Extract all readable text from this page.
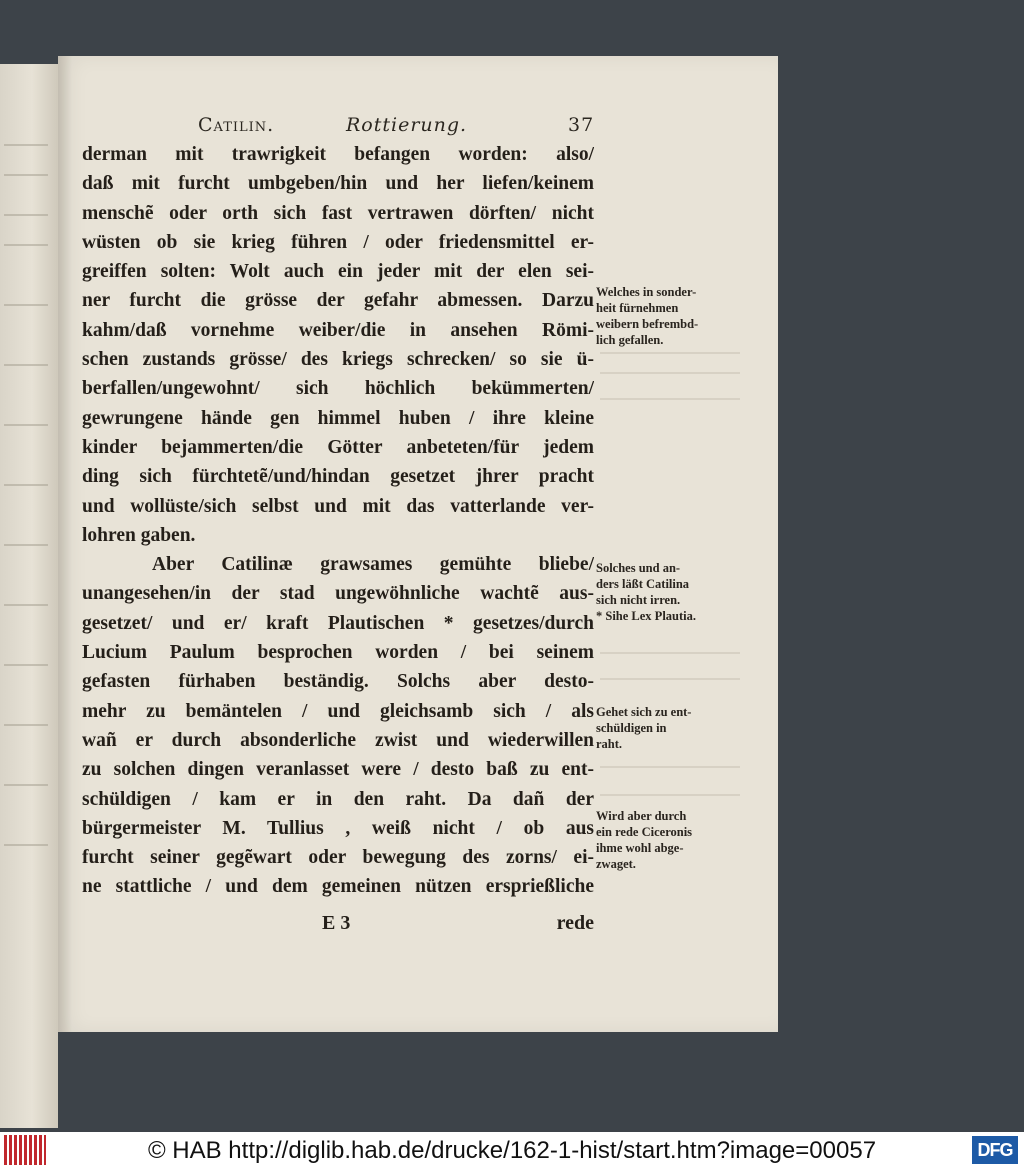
Catilin.	Rottierung.	37
derman mit trawrigkeit befangen worden: also/
daß mit furcht umbgeben/hin und her liefen/keinem
menschẽ oder orth sich fast vertrawen dörften/ nicht
wüsten ob sie krieg führen / oder friedensmittel er-
greiffen solten: Wolt auch ein jeder mit der elen sei-
ner furcht die grösse der gefahr abmessen. Darzu
kahm/daß vornehme weiber/die in ansehen Römi-
schen zustands grösse/ des kriegs schrecken/ so sie ü-
berfallen/ungewohnt/ sich höchlich bekümmerten/
gewrungene hände gen himmel huben / ihre kleine
kinder bejammerten/die Götter anbeteten/für jedem
ding sich fürchtetẽ/und/hindan gesetzet jhrer pracht
und wollüste/sich selbst und mit das vatterlande ver-
lohren gaben.
Aber Catilinæ grawsames gemühte bliebe/
unangesehen/in der stad ungewöhnliche wachtẽ aus-
gesetzet/ und er/ kraft Plautischen * gesetzes/durch
Lucium Paulum besprochen worden / bei seinem
gefasten fürhaben beständig. Solchs aber desto-
mehr zu bemäntelen / und gleichsamb sich / als
wañ er durch absonderliche zwist und wiederwillen
zu solchen dingen veranlasset were / desto baß zu ent-
schüldigen / kam er in den raht. Da dañ der
bürgermeister M. Tullius , weiß nicht / ob aus
furcht seiner gegẽwart oder bewegung des zorns/ ei-
ne stattliche / und dem gemeinen nützen ersprießliche
Welches in sonder-
heit fürnehmen
weibern befrembd-
lich gefallen.
Solches und an-
ders läßt Catilina
sich nicht irren.
* Sihe Lex Plautia.
Gehet sich zu ent-
schüldigen in
raht.
Wird aber durch
ein rede Ciceronis
ihme wohl abge-
zwaget.
E 3	rede
© HAB http://diglib.hab.de/drucke/162-1-hist/start.htm?image=00057	DFG
